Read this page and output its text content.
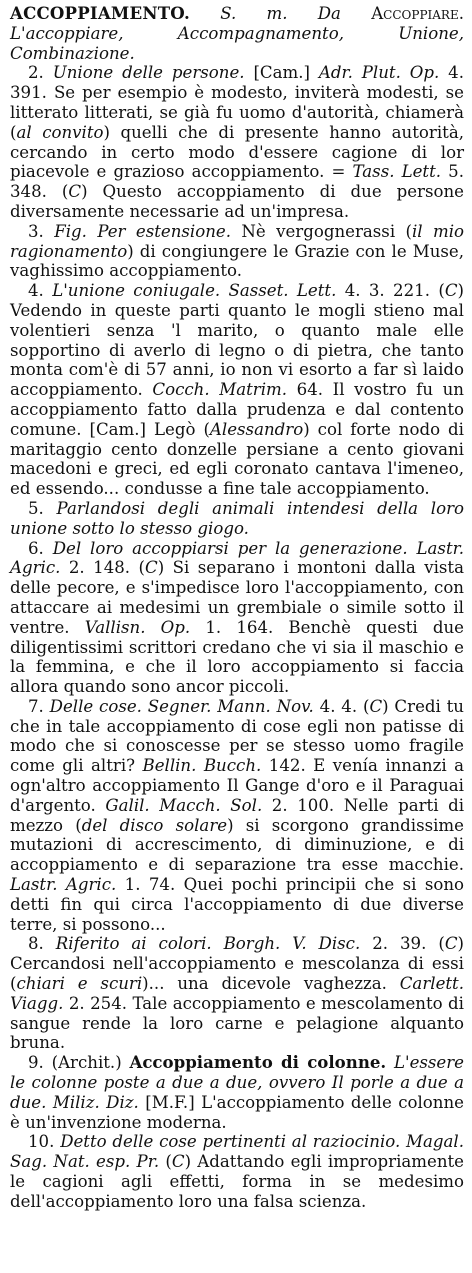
ACCOPPIAMENTO. S. m. Da Accoppiare. L'accoppiare, Accompagnamento, Unione, Combinazione.

2. Unione delle persone. [Cam.] Adr. Plut. Op. 4. 391. Se per esempio è modesto, inviterà modesti, se litterato litterati, se già fu uomo d'autorità, chiamerà (al convito) quelli che di presente hanno autorità, cercando in certo modo d'essere cagione di lor piacevole e grazioso accoppiamento. = Tass. Lett. 5. 348. (C) Questo accoppiamento di due persone diversamente necessarie ad un'impresa.

3. Fig. Per estensione. Nè vergognerassi (il mio ragionamento) di congiungere le Grazie con le Muse, vaghissimo accoppiamento.

4. L'unione coniugale. Sasset. Lett. 4. 3. 221. (C) Vedendo in queste parti quanto le mogli stieno mal volentieri senza 'l marito, o quanto male elle sopportino di averlo di legno o di pietra, che tanto monta com'è di 57 anni, io non vi esorto a far sì laido accoppiamento. Cocch. Matrim. 64. Il vostro fu un accoppiamento fatto dalla prudenza e dal contento comune. [Cam.] Legò (Alessandro) col forte nodo di maritaggio cento donzelle persiane a cento giovani macedoni e greci, ed egli coronato cantava l'imeneo, ed essendo... condusse a fine tale accoppiamento.

5. Parlandosi degli animali intendesi della loro unione sotto lo stesso giogo.

6. Del loro accoppiarsi per la generazione. Lastr. Agric. 2. 148. (C) Si separano i montoni dalla vista delle pecore, e s'impedisce loro l'accoppiamento, con attaccare ai medesimi un grembiale o simile sotto il ventre. Vallisn. Op. 1. 164. Benchè questi due diligentissimi scrittori credano che vi sia il maschio e la femmina, e che il loro accoppiamento si faccia allora quando sono ancor piccoli.

7. Delle cose. Segner. Mann. Nov. 4. 4. (C) Credi tu che in tale accoppiamento di cose egli non patisse di modo che si conoscesse per se stesso uomo fragile come gli altri? Bellin. Bucch. 142. E venía innanzi a ogn'altro accoppiamento Il Gange d'oro e il Paraguai d'argento. Galil. Macch. Sol. 2. 100. Nelle parti di mezzo (del disco solare) si scorgono grandissime mutazioni di accrescimento, di diminuzione, e di accoppiamento e di separazione tra esse macchie. Lastr. Agric. 1. 74. Quei pochi principii che si sono detti fin qui circa l'accoppiamento di due diverse terre, si possono...

8. Riferito ai colori. Borgh. V. Disc. 2. 39. (C) Cercandosi nell'accoppiamento e mescolanza di essi (chiari e scuri)... una dicevole vaghezza. Carlett. Viagg. 2. 254. Tale accoppiamento e mescolamento di sangue rende la loro carne e pelagione alquanto bruna.

9. (Archit.) Accoppiamento di colonne. L'essere le colonne poste a due a due, ovvero Il porle a due a due. Miliz. Diz. [M.F.] L'accoppiamento delle colonne è un'invenzione moderna.

10. Detto delle cose pertinenti al raziocinio. Magal. Sag. Nat. esp. Pr. (C) Adattando egli impropriamente le cagioni agli effetti, forma in se medesimo dell'accoppiamento loro una falsa scienza.
